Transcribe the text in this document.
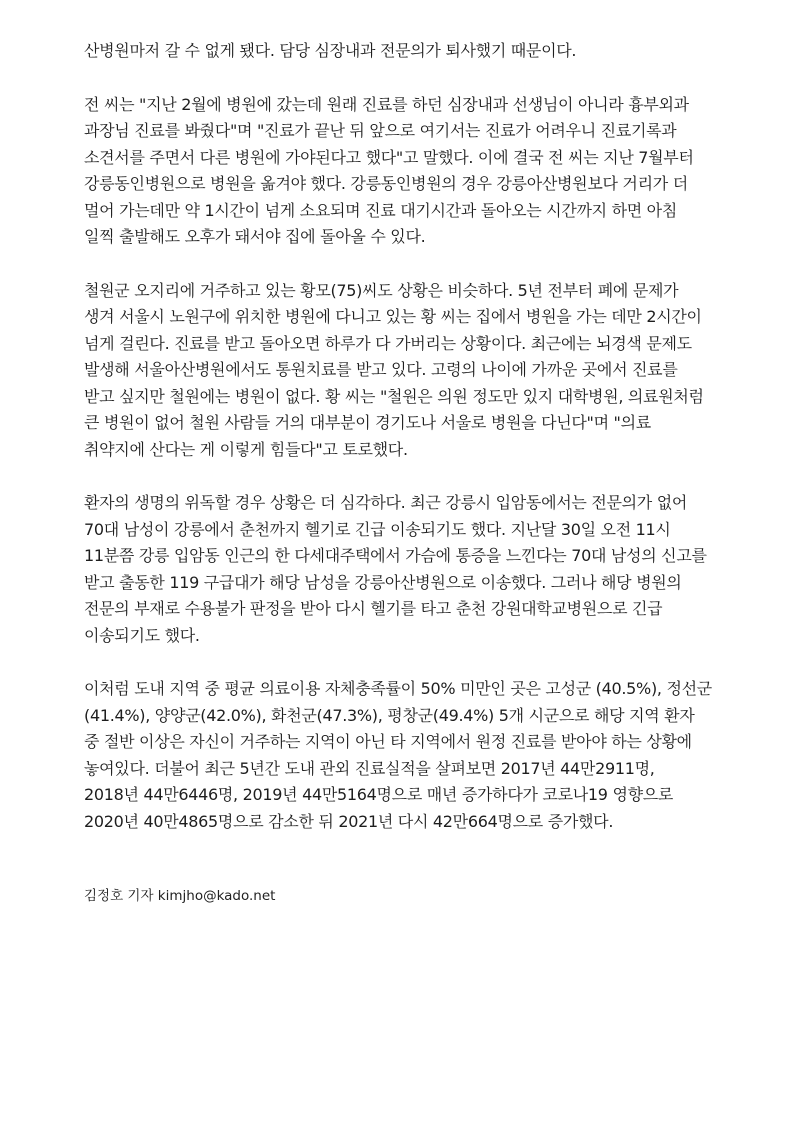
산병원마저 갈 수 없게 됐다. 담당 심장내과 전문의가 퇴사했기 때문이다.

전 씨는 "지난 2월에 병원에 갔는데 원래 진료를 하던 심장내과 선생님이 아니라 흉부외과 과장님 진료를 봐줬다"며 "진료가 끝난 뒤 앞으로 여기서는 진료가 어려우니 진료기록과 소견서를 주면서 다른 병원에 가야된다고 했다"고 말했다. 이에 결국 전 씨는 지난 7월부터 강릉동인병원으로 병원을 옮겨야 했다. 강릉동인병원의 경우 강릉아산병원보다 거리가 더 멀어 가는데만 약 1시간이 넘게 소요되며 진료 대기시간과 돌아오는 시간까지 하면 아침 일찍 출발해도 오후가 돼서야 집에 돌아올 수 있다.

철원군 오지리에 거주하고 있는 황모(75)씨도 상황은 비슷하다. 5년 전부터 폐에 문제가 생겨 서울시 노원구에 위치한 병원에 다니고 있는 황 씨는 집에서 병원을 가는 데만 2시간이 넘게 걸린다. 진료를 받고 돌아오면 하루가 다 가버리는 상황이다. 최근에는 뇌경색 문제도 발생해 서울아산병원에서도 통원치료를 받고 있다. 고령의 나이에 가까운 곳에서 진료를 받고 싶지만 철원에는 병원이 없다. 황 씨는 "철원은 의원 정도만 있지 대학병원, 의료원처럼 큰 병원이 없어 철원 사람들 거의 대부분이 경기도나 서울로 병원을 다닌다"며 "의료 취약지에 산다는 게 이렇게 힘들다"고 토로했다.

환자의 생명의 위독할 경우 상황은 더 심각하다. 최근 강릉시 입암동에서는 전문의가 없어 70대 남성이 강릉에서 춘천까지 헬기로 긴급 이송되기도 했다. 지난달 30일 오전 11시 11분쯤 강릉 입암동 인근의 한 다세대주택에서 가슴에 통증을 느낀다는 70대 남성의 신고를 받고 출동한 119 구급대가 해당 남성을 강릉아산병원으로 이송했다. 그러나 해당 병원의 전문의 부재로 수용불가 판정을 받아 다시 헬기를 타고 춘천 강원대학교병원으로 긴급 이송되기도 했다.

이처럼 도내 지역 중 평균 의료이용 자체충족률이 50% 미만인 곳은 고성군 (40.5%), 정선군(41.4%), 양양군(42.0%), 화천군(47.3%), 평창군(49.4%) 5개 시군으로 해당 지역 환자 중 절반 이상은 자신이 거주하는 지역이 아닌 타 지역에서 원정 진료를 받아야 하는 상황에 놓여있다. 더불어 최근 5년간 도내 관외 진료실적을 살펴보면 2017년 44만2911명, 2018년 44만6446명, 2019년 44만5164명으로 매년 증가하다가 코로나19 영향으로 2020년 40만4865명으로 감소한 뒤 2021년 다시 42만664명으로 증가했다.

김정호 기자 kimjho@kado.net
